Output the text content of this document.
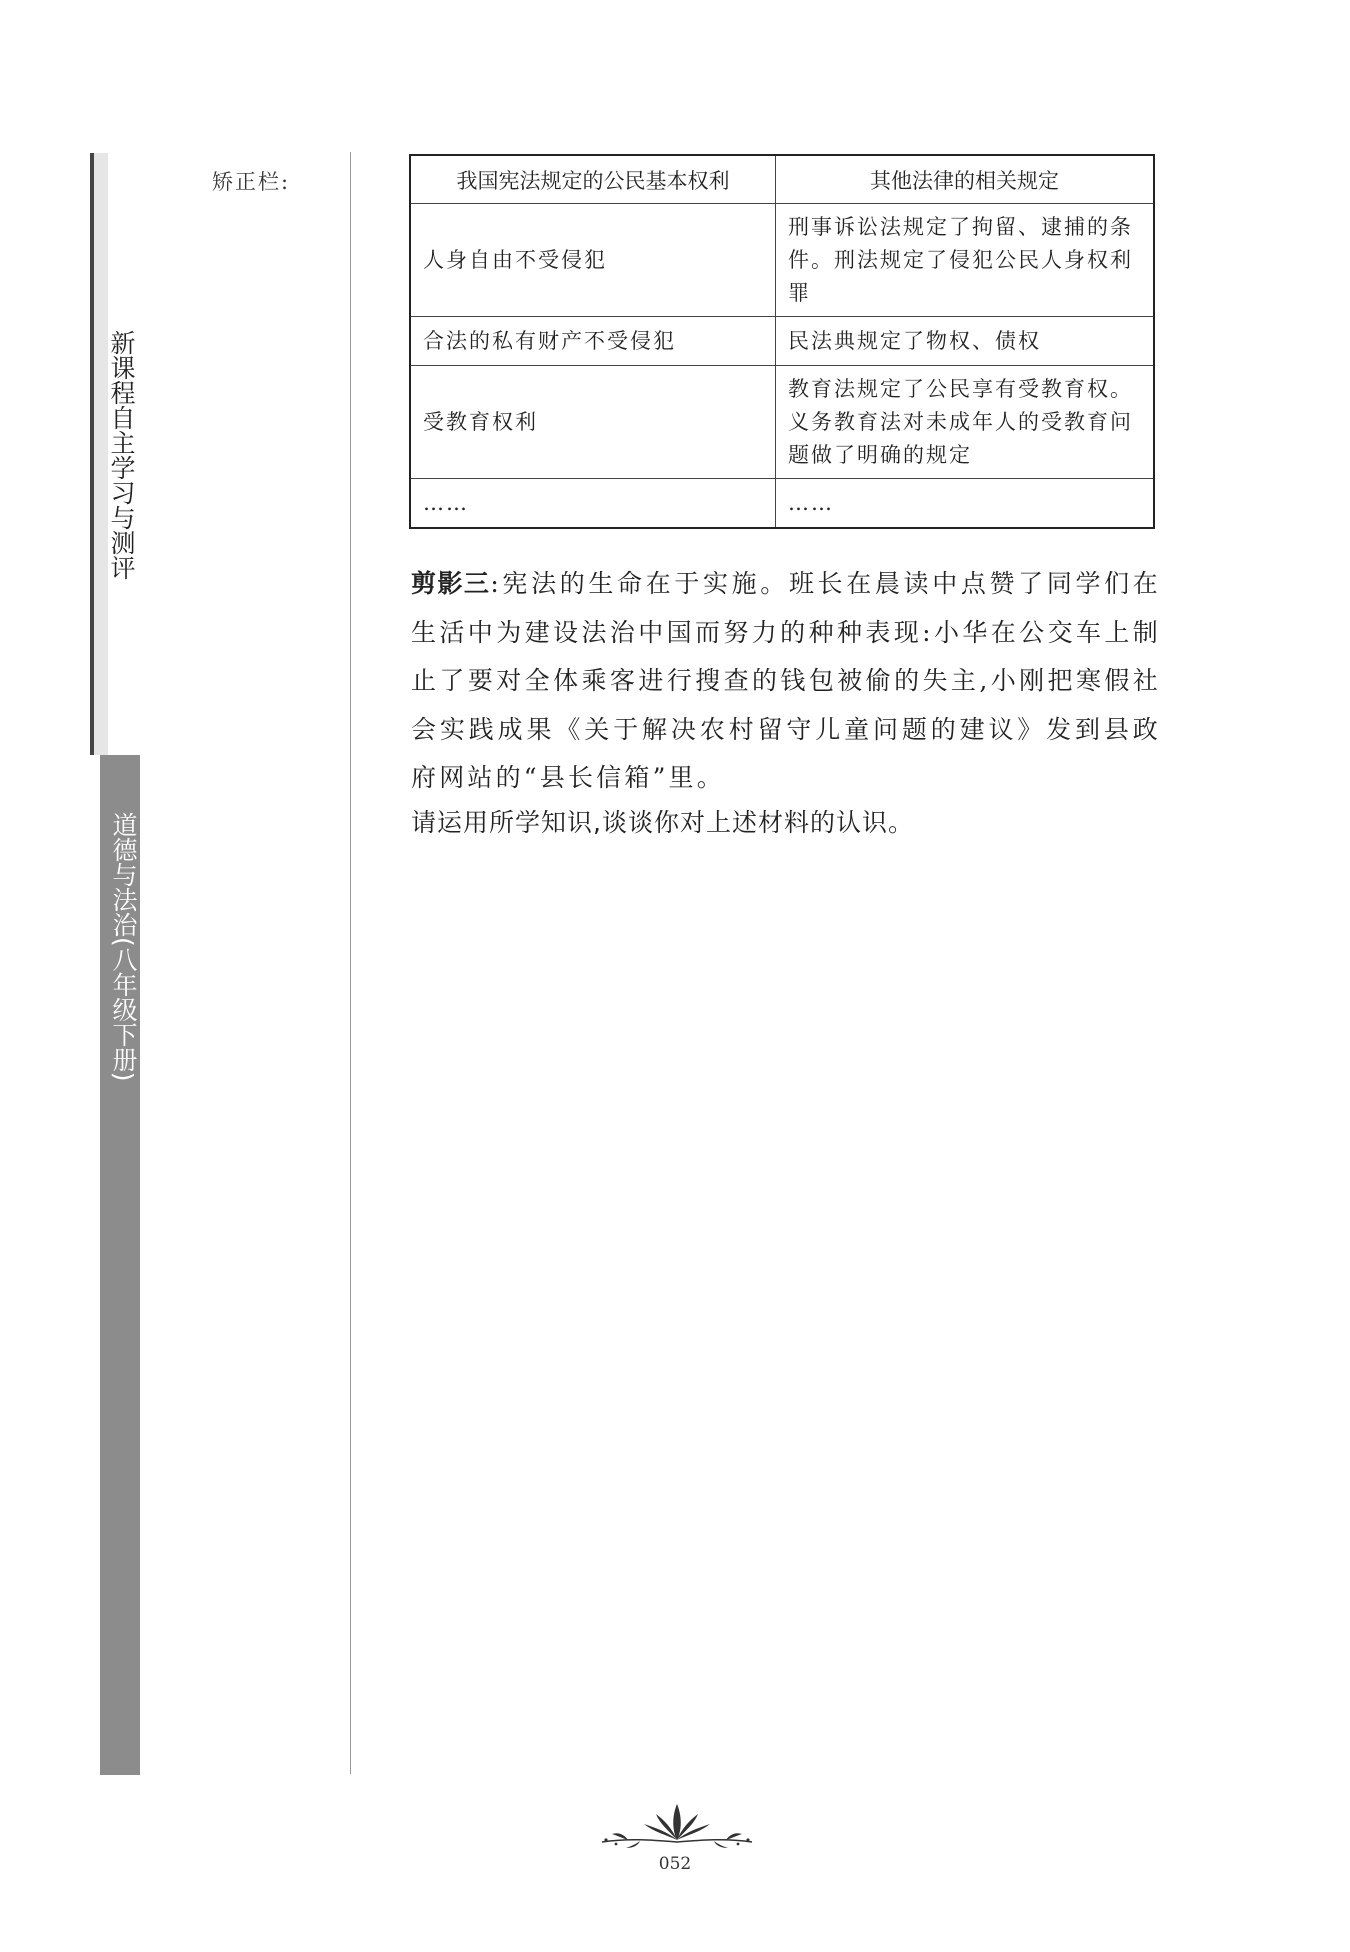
新课程自主学习与测评
道德与法治(八年级下册)
矫正栏:	我国宪法规定的公民基本权利	其他法律的相关规定
人身自由不受侵犯	刑事诉讼法规定了拘留、逮捕的条件。刑法规定了侵犯公民人身权利罪
合法的私有财产不受侵犯	民法典规定了物权、债权
受教育权利	教育法规定了公民享有受教育权。义务教育法对未成年人的受教育问题做了明确的规定
……	……
剪影三:宪法的生命在于实施。班长在晨读中点赞了同学们在生活中为建设法治中国而努力的种种表现:小华在公交车上制止了要对全体乘客进行搜查的钱包被偷的失主,小刚把寒假社会实践成果《关于解决农村留守儿童问题的建议》发到县政府网站的“县长信箱”里。
请运用所学知识,谈谈你对上述材料的认识。
052
